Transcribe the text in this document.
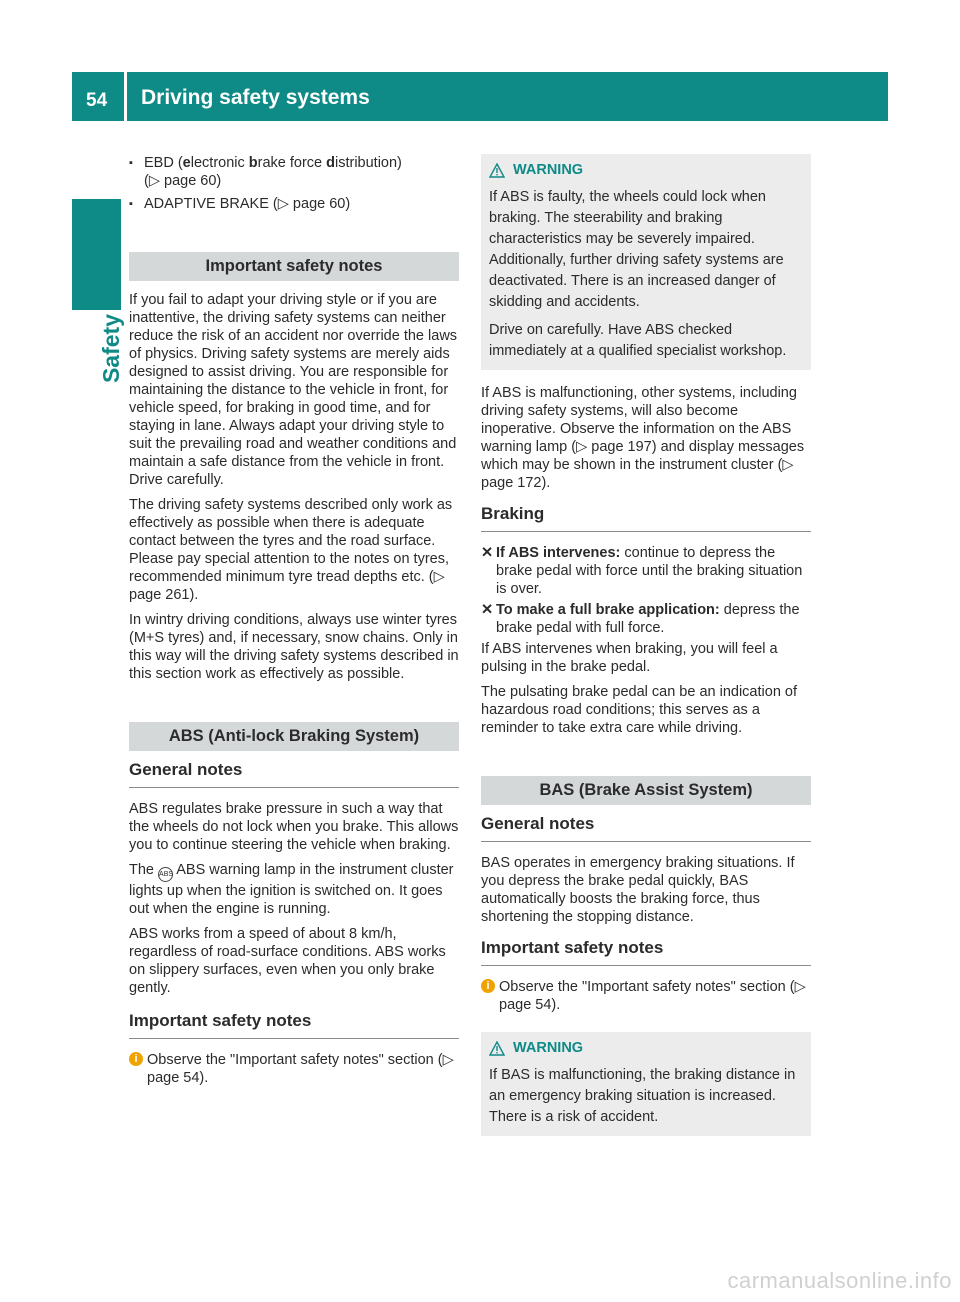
54 Driving safety systems
Safety
▪ EBD (electronic brake force distribution)
(▷ page 60)
▪ ADAPTIVE BRAKE (▷ page 60)
Important safety notes

If you fail to adapt your driving style or if you are inattentive, the driving safety systems can neither reduce the risk of an accident nor override the laws of physics. Driving safety systems are merely aids designed to assist driving. You are responsible for maintaining the distance to the vehicle in front, for vehicle speed, for braking in good time, and for staying in lane. Always adapt your driving style to suit the prevailing road and weather conditions and maintain a safe distance from the vehicle in front. Drive carefully.

The driving safety systems described only work as effectively as possible when there is adequate contact between the tyres and the road surface. Please pay special attention to the notes on tyres, recommended minimum tyre tread depths etc. (▷ page 261).

In wintry driving conditions, always use winter tyres (M+S tyres) and, if necessary, snow chains. Only in this way will the driving safety systems described in this section work as effectively as possible.

ABS (Anti-lock Braking System)
General notes

ABS regulates brake pressure in such a way that the wheels do not lock when you brake. This allows you to continue steering the vehicle when braking.

The ABS ABS warning lamp in the instrument cluster lights up when the ignition is switched on. It goes out when the engine is running.

ABS works from a speed of about 8 km/h, regardless of road-surface conditions. ABS works on slippery surfaces, even when you only brake gently.

Important safety notes
i Observe the "Important safety notes" section (▷ page 54).
WARNING

If ABS is faulty, the wheels could lock when braking. The steerability and braking characteristics may be severely impaired. Additionally, further driving safety systems are deactivated. There is an increased danger of skidding and accidents.

Drive on carefully. Have ABS checked immediately at a qualified specialist workshop.

If ABS is malfunctioning, other systems, including driving safety systems, will also become inoperative. Observe the information on the ABS warning lamp (▷ page 197) and display messages which may be shown in the instrument cluster (▷ page 172).

Braking
✕ If ABS intervenes: continue to depress the brake pedal with force until the braking situation is over.
✕ To make a full brake application: depress the brake pedal with full force.

If ABS intervenes when braking, you will feel a pulsing in the brake pedal.

The pulsating brake pedal can be an indication of hazardous road conditions; this serves as a reminder to take extra care while driving.

BAS (Brake Assist System)
General notes

BAS operates in emergency braking situations. If you depress the brake pedal quickly, BAS automatically boosts the braking force, thus shortening the stopping distance.

Important safety notes
i Observe the "Important safety notes" section (▷ page 54).
WARNING

If BAS is malfunctioning, the braking distance in an emergency braking situation is increased. There is a risk of accident.

carmanualsonline.info
